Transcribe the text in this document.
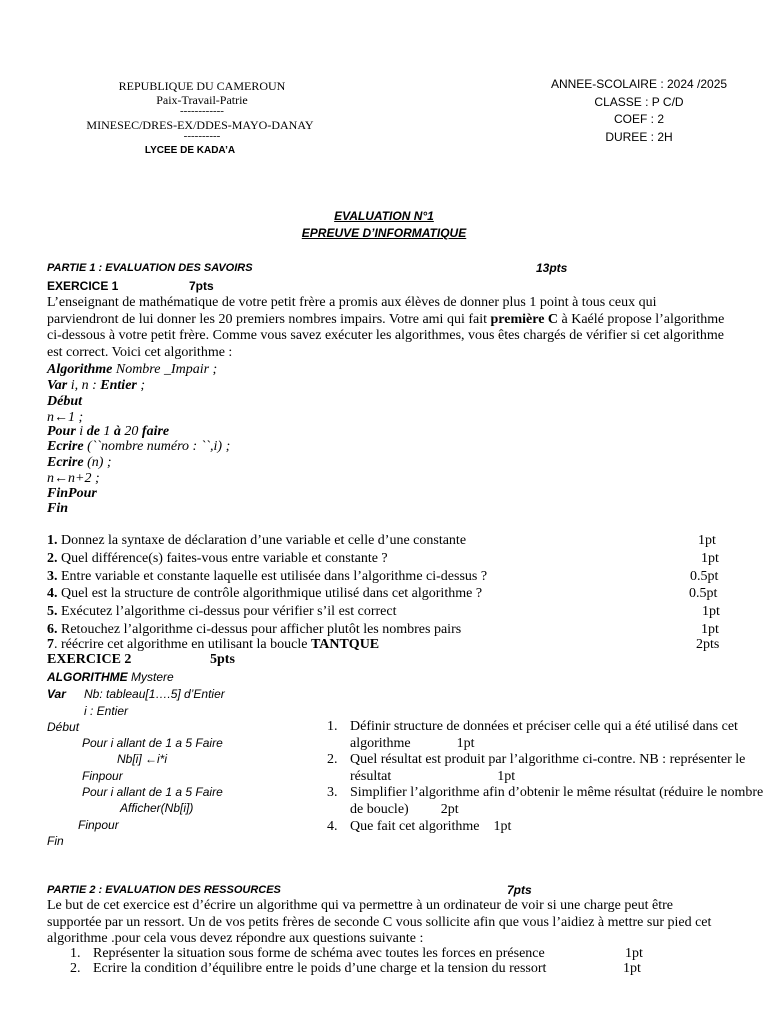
REPUBLIQUE DU CAMEROUN
Paix-Travail-Patrie
------------
MINESEC/DRES-EX/DDES-MAYO-DANAY
----------
LYCEE DE KADA’A
ANNEE-SCOLAIRE : 2024 /2025
CLASSE : P C/D
COEF : 2
DUREE : 2H
EVALUATION N°1
EPREUVE D’INFORMATIQUE
PARTIE 1 : EVALUATION DES SAVOIRS	13pts
EXERCICE 1	7pts
L’enseignant de mathématique de votre petit frère a promis aux élèves de donner plus 1 point à tous ceux qui parviendront de lui donner les 20 premiers nombres impairs. Votre ami qui fait première C à Kaélé propose l’algorithme ci-dessous à votre petit frère. Comme vous savez exécuter les algorithmes, vous êtes chargés de vérifier si cet algorithme est correct. Voici cet algorithme :
Algorithme Nombre _Impair ;
Var i, n : Entier ;
Début
n←1 ;
Pour i de 1 à 20 faire
Ecrire (``nombre numéro : ``,i) ;
Ecrire (n) ;
n←n+2 ;
FinPour
Fin
1. Donnez la syntaxe de déclaration d’une variable et celle d’une constante	1pt
2. Quel différence(s) faites-vous entre variable et constante ?	1pt
3. Entre variable et constante laquelle est utilisée dans l’algorithme ci-dessus ?	0.5pt
4. Quel est la structure de contrôle algorithmique utilisé dans cet algorithme ?	0.5pt
5. Exécutez l’algorithme ci-dessus pour vérifier s’il est correct	1pt
6. Retouchez l’algorithme ci-dessus pour afficher plutôt les nombres pairs	1pt
7. réécrire cet algorithme en utilisant la boucle TANTQUE	2pts
EXERCICE 2	5pts
ALGORITHME Mystere
Var Nb: tableau[1….5] d’Entier
i : Entier
Début
Pour i allant de 1 a 5 Faire
Nb[i] ←i*i
Finpour
Pour i allant de 1 a 5 Faire
Afficher(Nb[i])
Finpour
Fin
1. Définir structure de données et préciser celle qui a été utilisé dans cet algorithme	1pt
2. Quel résultat est produit par l’algorithme ci-contre. NB : représenter le résultat	1pt
3. Simplifier l’algorithme afin d’obtenir le même résultat (réduire le nombre de boucle) 2pt
4. Que fait cet algorithme 1pt
PARTIE 2 : EVALUATION DES RESSOURCES	7pts
Le but de cet exercice est d’écrire un algorithme qui va permettre à un ordinateur de voir si une charge peut être supportée par un ressort. Un de vos petits frères de seconde C vous sollicite afin que vous l’aidiez à mettre sur pied cet algorithme .pour cela vous devez répondre aux questions suivante :
1. Représenter la situation sous forme de schéma avec toutes les forces en présence	1pt
2. Ecrire la condition d’équilibre entre le poids d’une charge et la tension du ressort	1pt
